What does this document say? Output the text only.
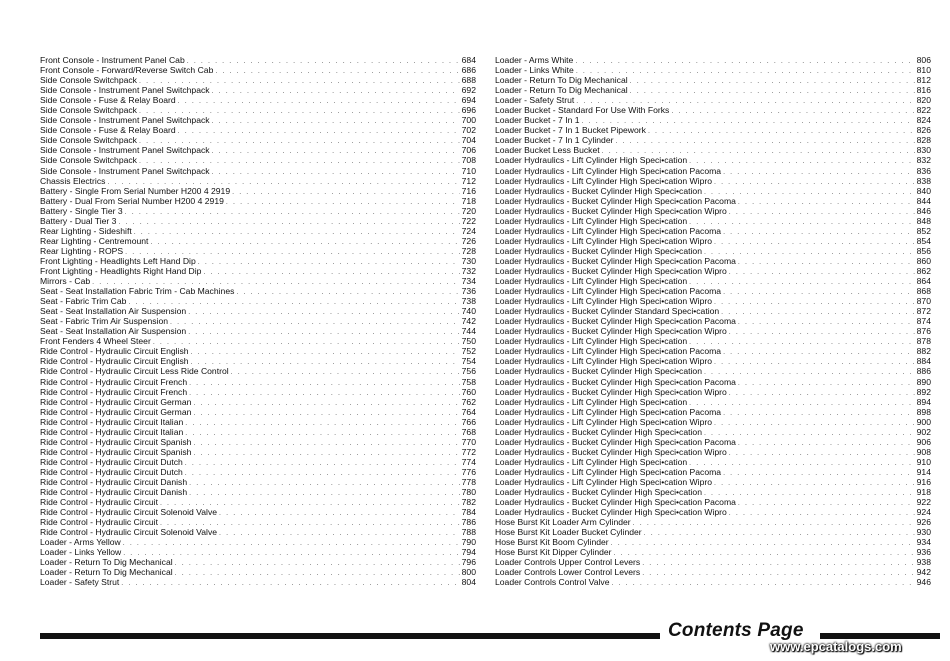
Front Console - Instrument Panel Cab . . .	684
Front Console - Forward/Reverse Switch Cab . . .	686
Side Console Switchpack . . .	688
Side Console - Instrument Panel Switchpack . . .	692
Side Console - Fuse & Relay Board . . .	694
Side Console Switchpack . . .	696
Side Console - Instrument Panel Switchpack . . .	700
Side Console - Fuse & Relay Board . . .	702
Side Console Switchpack . . .	704
Side Console - Instrument Panel Switchpack . . .	706
Side Console Switchpack . . .	708
Side Console - Instrument Panel Switchpack . . .	710
Chassis Electrics . . .	712
Battery - Single From Serial Number H200 4 2919 . . .	716
Battery - Dual From Serial Number H200 4 2919 . . .	718
Battery - Single Tier 3 . . .	720
Battery - Dual Tier 3 . . .	722
Rear Lighting - Sideshift . . .	724
Rear Lighting - Centremount . . .	726
Rear Lighting - ROPS . . .	728
Front Lighting - Headlights Left Hand Dip . . .	730
Front Lighting - Headlights Right Hand Dip . . .	732
Mirrors - Cab . . .	734
Seat - Seat Installation Fabric Trim - Cab Machines . . .	736
Seat - Fabric Trim Cab . . .	738
Seat - Seat Installation Air Suspension . . .	740
Seat - Fabric Trim Air Suspension . . .	742
Seat - Seat Installation Air Suspension . . .	744
Front Fenders 4 Wheel Steer . . .	750
Ride Control - Hydraulic Circuit English . . .	752
Ride Control - Hydraulic Circuit English . . .	754
Ride Control - Hydraulic Circuit Less Ride Control . . .	756
Ride Control - Hydraulic Circuit French . . .	758
Ride Control - Hydraulic Circuit French . . .	760
Ride Control - Hydraulic Circuit German . . .	762
Ride Control - Hydraulic Circuit German . . .	764
Ride Control - Hydraulic Circuit Italian . . .	766
Ride Control - Hydraulic Circuit Italian . . .	768
Ride Control - Hydraulic Circuit Spanish . . .	770
Ride Control - Hydraulic Circuit Spanish . . .	772
Ride Control - Hydraulic Circuit Dutch . . .	774
Ride Control - Hydraulic Circuit Dutch . . .	776
Ride Control - Hydraulic Circuit Danish . . .	778
Ride Control - Hydraulic Circuit Danish . . .	780
Ride Control - Hydraulic Circuit . . .	782
Ride Control - Hydraulic Circuit Solenoid Valve . . .	784
Ride Control - Hydraulic Circuit . . .	786
Ride Control - Hydraulic Circuit Solenoid Valve . . .	788
Loader - Arms Yellow . . .	790
Loader - Links Yellow . . .	794
Loader - Return To Dig Mechanical . . .	796
Loader - Return To Dig Mechanical . . .	800
Loader - Safety Strut . . .	804
Loader - Arms White . . .	806
Loader - Links White . . .	810
Loader - Return To Dig Mechanical . . .	812
Loader - Return To Dig Mechanical . . .	816
Loader - Safety Strut . . .	820
Loader Bucket - Standard For Use With Forks . . .	822
Loader Bucket - 7 In 1 . . .	824
Loader Bucket - 7 In 1 Bucket Pipework . . .	826
Loader Bucket - 7 In 1 Cylinder . . .	828
Loader Bucket Less Bucket . . .	830
Loader Hydraulics - Lift Cylinder High Speci•cation . . .	832
Loader Hydraulics - Lift Cylinder High Speci•cation Pacoma . . .	836
Loader Hydraulics - Lift Cylinder High Speci•cation Wipro . . .	838
Loader Hydraulics - Bucket Cylinder High Speci•cation . . .	840
Loader Hydraulics - Bucket Cylinder High Speci•cation Pacoma . . .	844
Loader Hydraulics - Bucket Cylinder High Speci•cation Wipro . . .	846
Loader Hydraulics - Lift Cylinder High Speci•cation . . .	848
Loader Hydraulics - Lift Cylinder High Speci•cation Pacoma . . .	852
Loader Hydraulics - Lift Cylinder High Speci•cation Wipro . . .	854
Loader Hydraulics - Bucket Cylinder High Speci•cation . . .	856
Loader Hydraulics - Bucket Cylinder High Speci•cation Pacoma . . .	860
Loader Hydraulics - Bucket Cylinder High Speci•cation Wipro . . .	862
Loader Hydraulics - Lift Cylinder High Speci•cation . . .	864
Loader Hydraulics - Lift Cylinder High Speci•cation Pacoma . . .	868
Loader Hydraulics - Lift Cylinder High Speci•cation Wipro . . .	870
Loader Hydraulics - Bucket Cylinder Standard Speci•cation . . .	872
Loader Hydraulics - Bucket Cylinder High Speci•cation Pacoma . . .	874
Loader Hydraulics - Bucket Cylinder High Speci•cation Wipro . . .	876
Loader Hydraulics - Lift Cylinder High Speci•cation . . .	878
Loader Hydraulics - Lift Cylinder High Speci•cation Pacoma . . .	882
Loader Hydraulics - Lift Cylinder High Speci•cation Wipro . . .	884
Loader Hydraulics - Bucket Cylinder High Speci•cation . . .	886
Loader Hydraulics - Bucket Cylinder High Speci•cation Pacoma . . .	890
Loader Hydraulics - Bucket Cylinder High Speci•cation Wipro . . .	892
Loader Hydraulics - Lift Cylinder High Speci•cation . . .	894
Loader Hydraulics - Lift Cylinder High Speci•cation Pacoma . . .	898
Loader Hydraulics - Lift Cylinder High Speci•cation Wipro . . .	900
Loader Hydraulics - Bucket Cylinder High Speci•cation . . .	902
Loader Hydraulics - Bucket Cylinder High Speci•cation Pacoma . . .	906
Loader Hydraulics - Bucket Cylinder High Speci•cation Wipro . . .	908
Loader Hydraulics - Lift Cylinder High Speci•cation . . .	910
Loader Hydraulics - Lift Cylinder High Speci•cation Pacoma . . .	914
Loader Hydraulics - Lift Cylinder High Speci•cation Wipro . . .	916
Loader Hydraulics - Bucket Cylinder High Speci•cation . . .	918
Loader Hydraulics - Bucket Cylinder High Speci•cation Pacoma . . .	922
Loader Hydraulics - Bucket Cylinder High Speci•cation Wipro . . .	924
Hose Burst Kit Loader Arm Cylinder . . .	926
Hose Burst Kit Loader Bucket Cylinder . . .	930
Hose Burst Kit Boom Cylinder . . .	934
Hose Burst Kit Dipper Cylinder . . .	936
Loader Controls Upper Control Levers . . .	938
Loader Controls Lower Control Levers . . .	942
Loader Controls Control Valve . . .	946
Contents Page
www.epcatalogs.com
